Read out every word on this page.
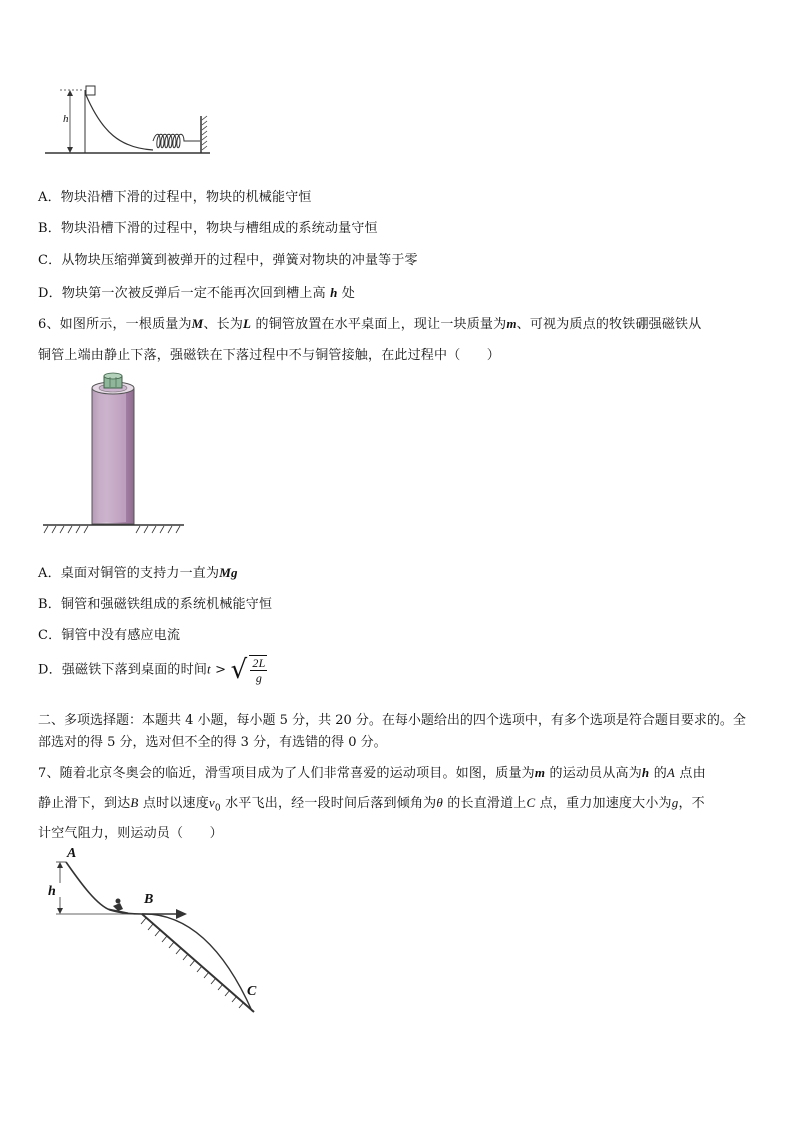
h
A．物块沿槽下滑的过程中，物块的机械能守恒
B．物块沿槽下滑的过程中，物块与槽组成的系统动量守恒
C．从物块压缩弹簧到被弹开的过程中，弹簧对物块的冲量等于零
D．物块第一次被反弹后一定不能再次回到槽上高 h 处
6、如图所示，一根质量为M、长为L 的铜管放置在水平桌面上，现让一块质量为m、可视为质点的牧铁硼强磁铁从
铜管上端由静止下落，强磁铁在下落过程中不与铜管接触，在此过程中（　　）
A．桌面对铜管的支持力一直为Mg
B．铜管和强磁铁组成的系统机械能守恒
C．铜管中没有感应电流
D．强磁铁下落到桌面的时间t > √ $\frac{2L}{g}$
二、多项选择题：本题共 4 小题，每小题 5 分，共 20 分。在每小题给出的四个选项中，有多个选项是符合题目要求的。全部选对的得 5 分，选对但不全的得 3 分，有选错的得 0 分。
7、随着北京冬奥会的临近，滑雪项目成为了人们非常喜爱的运动项目。如图，质量为m 的运动员从高为h 的A 点由
静止滑下，到达B 点时以速度$v_0$ 水平飞出，经一段时间后落到倾角为θ 的长直滑道上C 点，重力加速度大小为g，不
计空气阻力，则运动员（　　）
A
h
B
C
